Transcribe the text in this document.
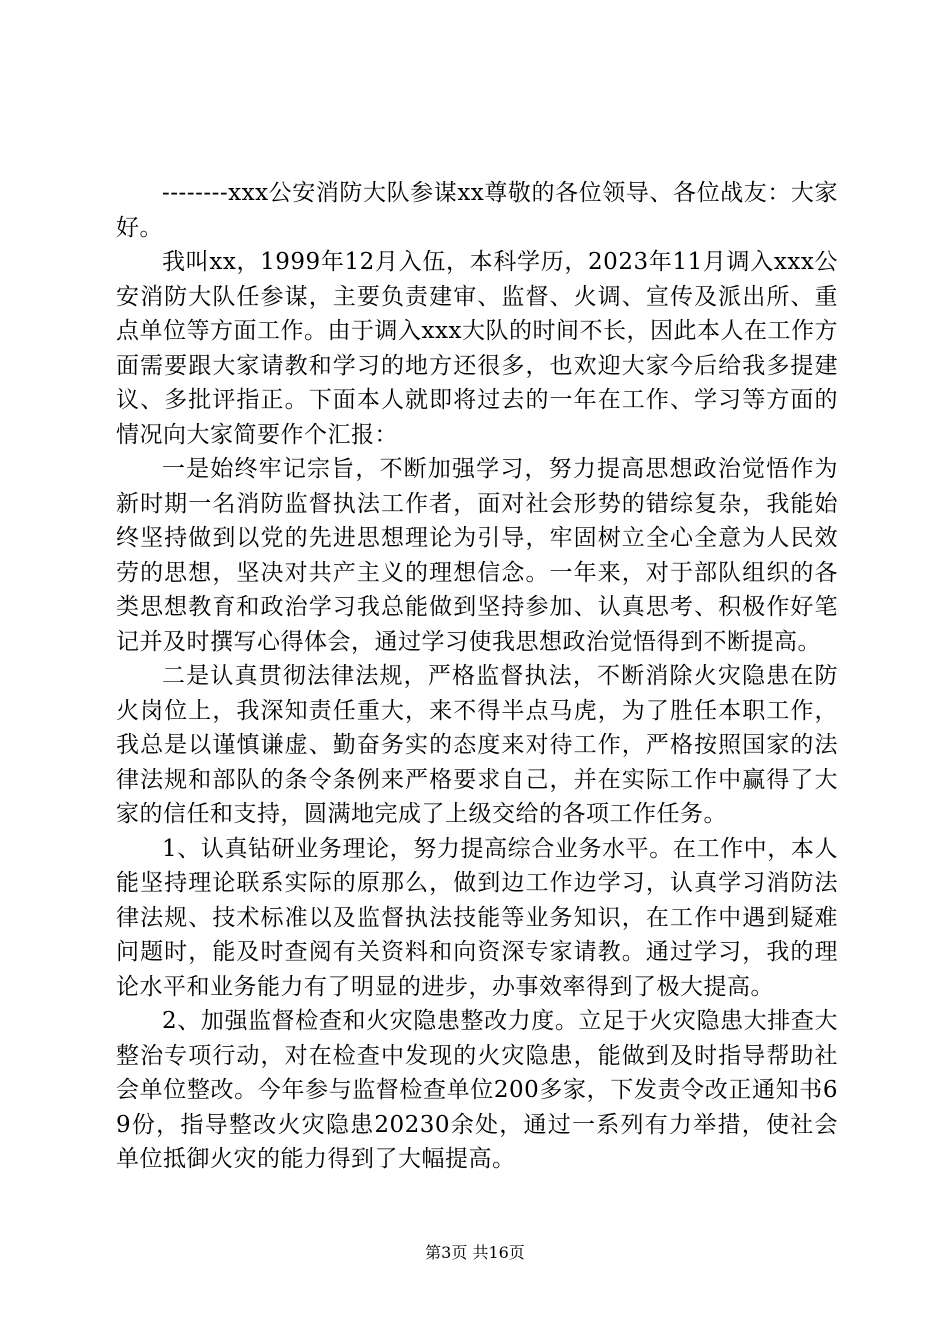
--------xxx公安消防大队参谋xx尊敬的各位领导、各位战友：大家好。

我叫xx，1999年12月入伍，本科学历，2023年11月调入xxx公安消防大队任参谋，主要负责建审、监督、火调、宣传及派出所、重点单位等方面工作。由于调入xxx大队的时间不长，因此本人在工作方面需要跟大家请教和学习的地方还很多，也欢迎大家今后给我多提建议、多批评指正。下面本人就即将过去的一年在工作、学习等方面的情况向大家简要作个汇报：

一是始终牢记宗旨，不断加强学习，努力提高思想政治觉悟作为新时期一名消防监督执法工作者，面对社会形势的错综复杂，我能始终坚持做到以党的先进思想理论为引导，牢固树立全心全意为人民效劳的思想，坚决对共产主义的理想信念。一年来，对于部队组织的各类思想教育和政治学习我总能做到坚持参加、认真思考、积极作好笔记并及时撰写心得体会，通过学习使我思想政治觉悟得到不断提高。

二是认真贯彻法律法规，严格监督执法，不断消除火灾隐患在防火岗位上，我深知责任重大，来不得半点马虎，为了胜任本职工作，我总是以谨慎谦虚、勤奋务实的态度来对待工作，严格按照国家的法律法规和部队的条令条例来严格要求自己，并在实际工作中赢得了大家的信任和支持，圆满地完成了上级交给的各项工作任务。

1、认真钻研业务理论，努力提高综合业务水平。在工作中，本人能坚持理论联系实际的原那么，做到边工作边学习，认真学习消防法律法规、技术标准以及监督执法技能等业务知识，在工作中遇到疑难问题时，能及时查阅有关资料和向资深专家请教。通过学习，我的理论水平和业务能力有了明显的进步，办事效率得到了极大提高。

2、加强监督检查和火灾隐患整改力度。立足于火灾隐患大排查大整治专项行动，对在检查中发现的火灾隐患，能做到及时指导帮助社会单位整改。今年参与监督检查单位200多家，下发责令改正通知书69份，指导整改火灾隐患20230余处，通过一系列有力举措，使社会单位抵御火灾的能力得到了大幅提高。

第3页 共16页
